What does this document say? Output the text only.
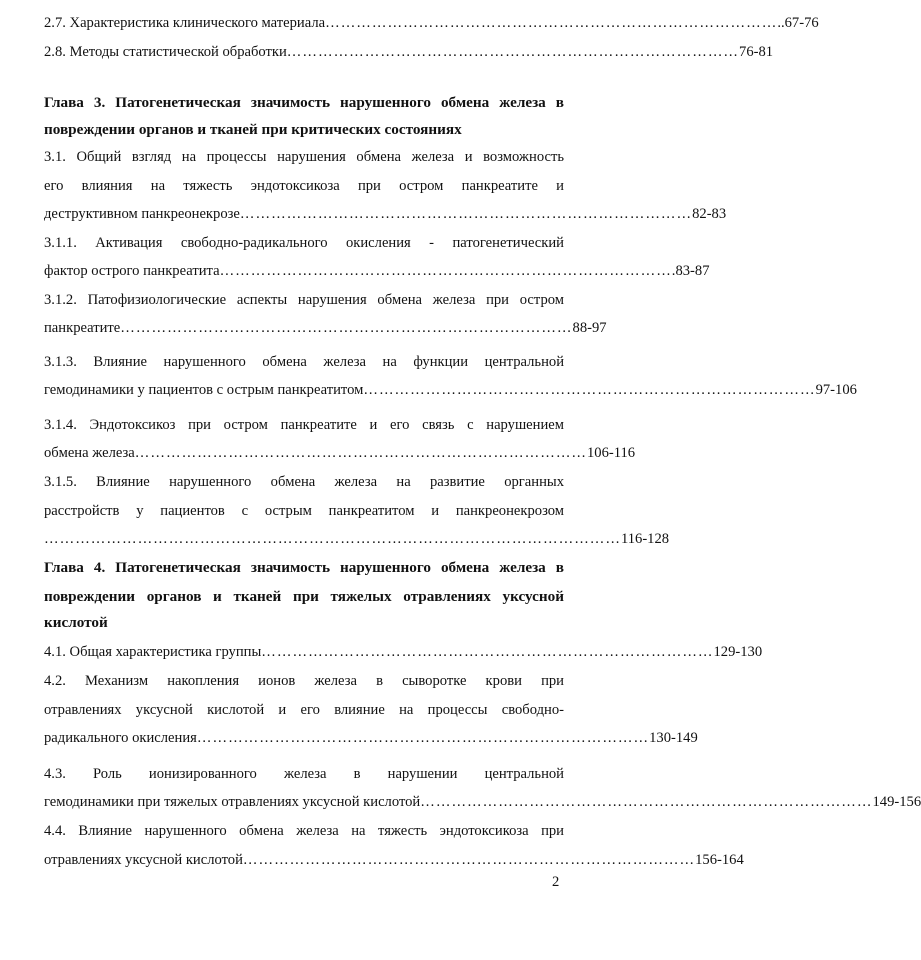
2.7. Характеристика клинического материала …………………………………………………………………………… ..67-76
2.8. Методы статистической обработки …………………………………………………………………………… 76-81
Глава 3. Патогенетическая значимость нарушенного обмена железа в
повреждении органов и тканей при критических состояниях
3.1. Общий взгляд на процессы нарушения обмена железа и возможность
его влияния на тяжесть эндотоксикоза при остром панкреатите и
деструктивном панкреонекрозе …………………………………………………………………………… 82-83
3.1.1. Активация свободно-радикального окисления - патогенетический
фактор острого панкреатита …………………………………………………………………………… .83-87
3.1.2. Патофизиологические аспекты нарушения обмена железа при остром
панкреатите …………………………………………………………………………… 88-97
3.1.3. Влияние нарушенного обмена железа на функции центральной
гемодинамики у пациентов с острым панкреатитом …………………………………………………………………………… 97-106
3.1.4. Эндотоксикоз при остром панкреатите и его связь с нарушением
обмена железа …………………………………………………………………………… 106-116
3.1.5. Влияние нарушенного обмена железа на развитие органных
расстройств у пациентов с острым панкреатитом и панкреонекрозом
………………………………………………………………………………………………… 116-128
Глава 4. Патогенетическая значимость нарушенного обмена железа в
повреждении органов и тканей при тяжелых отравлениях уксусной
кислотой
4.1. Общая характеристика группы …………………………………………………………………………… 129-130
4.2. Механизм накопления ионов железа в сыворотке крови при
отравлениях уксусной кислотой и его влияние на процессы свободно-
радикального окисления …………………………………………………………………………… 130-149
4.3. Роль ионизированного железа в нарушении центральной
гемодинамики при тяжелых отравлениях уксусной кислотой …………………………………………………………………………… 149-156
4.4. Влияние нарушенного обмена железа на тяжесть эндотоксикоза при
отравлениях уксусной кислотой …………………………………………………………………………… 156-164
2
